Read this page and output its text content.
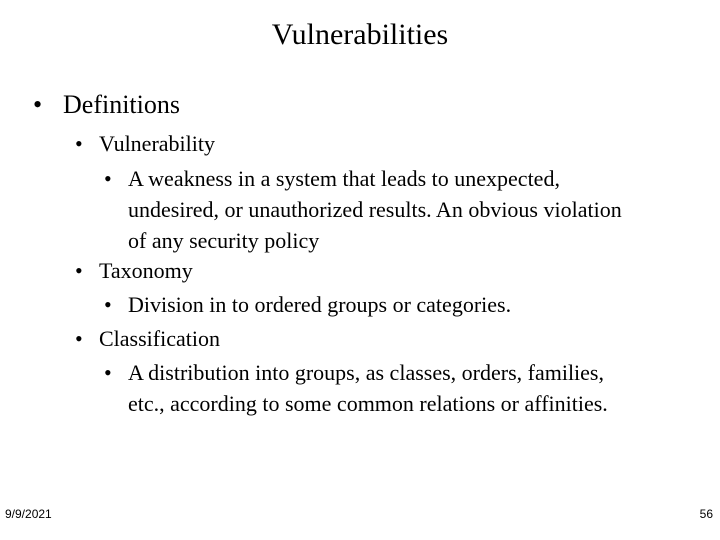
Vulnerabilities
• Definitions
• Vulnerability
• A weakness in a system that leads to unexpected,
undesired, or unauthorized results. An obvious violation
of any security policy
• Taxonomy
• Division in to ordered groups or categories.
• Classification
• A distribution into groups, as classes, orders, families,
etc., according to some common relations or affinities.
9/9/2021	56
